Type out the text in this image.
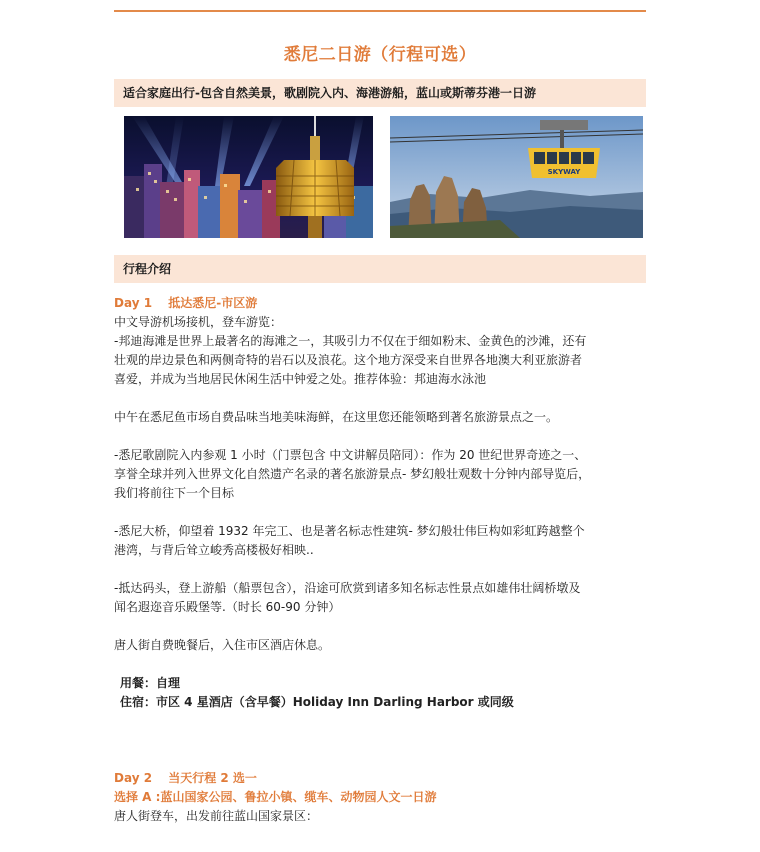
悉尼二日游（行程可选）
适合家庭出行-包含自然美景，歌剧院入内、海港游船，蓝山或斯蒂芬港一日游
SKYWAY
行程介绍

Day 1　 抵达悉尼-市区游

中文导游机场接机，登车游览：

-邦迪海滩是世界上最著名的海滩之一，其吸引力不仅在于细如粉末、金黄色的沙滩，还有

壮观的岸边景色和两侧奇特的岩石以及浪花。这个地方深受来自世界各地澳大利亚旅游者

喜爱，并成为当地居民休闲生活中钟爱之处。推荐体验：邦迪海水泳池

中午在悉尼鱼市场自费品味当地美味海鲜，在这里您还能领略到著名旅游景点之一。

-悉尼歌剧院入内参观 1 小时（门票包含 中文讲解员陪同）：作为 20 世纪世界奇迹之一、

享誉全球并列入世界文化自然遗产名录的著名旅游景点- 梦幻般壮观数十分钟内部导览后，

我们将前往下一个目标

-悉尼大桥，仰望着 1932 年完工、也是著名标志性建筑- 梦幻般壮伟巨构如彩虹跨越整个

港湾，与背后耸立峻秀高楼极好相映..

-抵达码头，登上游船（船票包含），沿途可欣赏到诸多知名标志性景点如雄伟壮阔桥墩及

闻名遐迩音乐殿堡等.（时长 60-90 分钟）

唐人街自费晚餐后，入住市区酒店休息。

用餐：自理

住宿：市区 4 星酒店（含早餐）Holiday Inn Darling Harbor 或同级

Day 2　 当天行程 2 选一

选择 A :蓝山国家公园、鲁拉小镇、缆车、动物园人文一日游

唐人街登车，出发前往蓝山国家景区：
